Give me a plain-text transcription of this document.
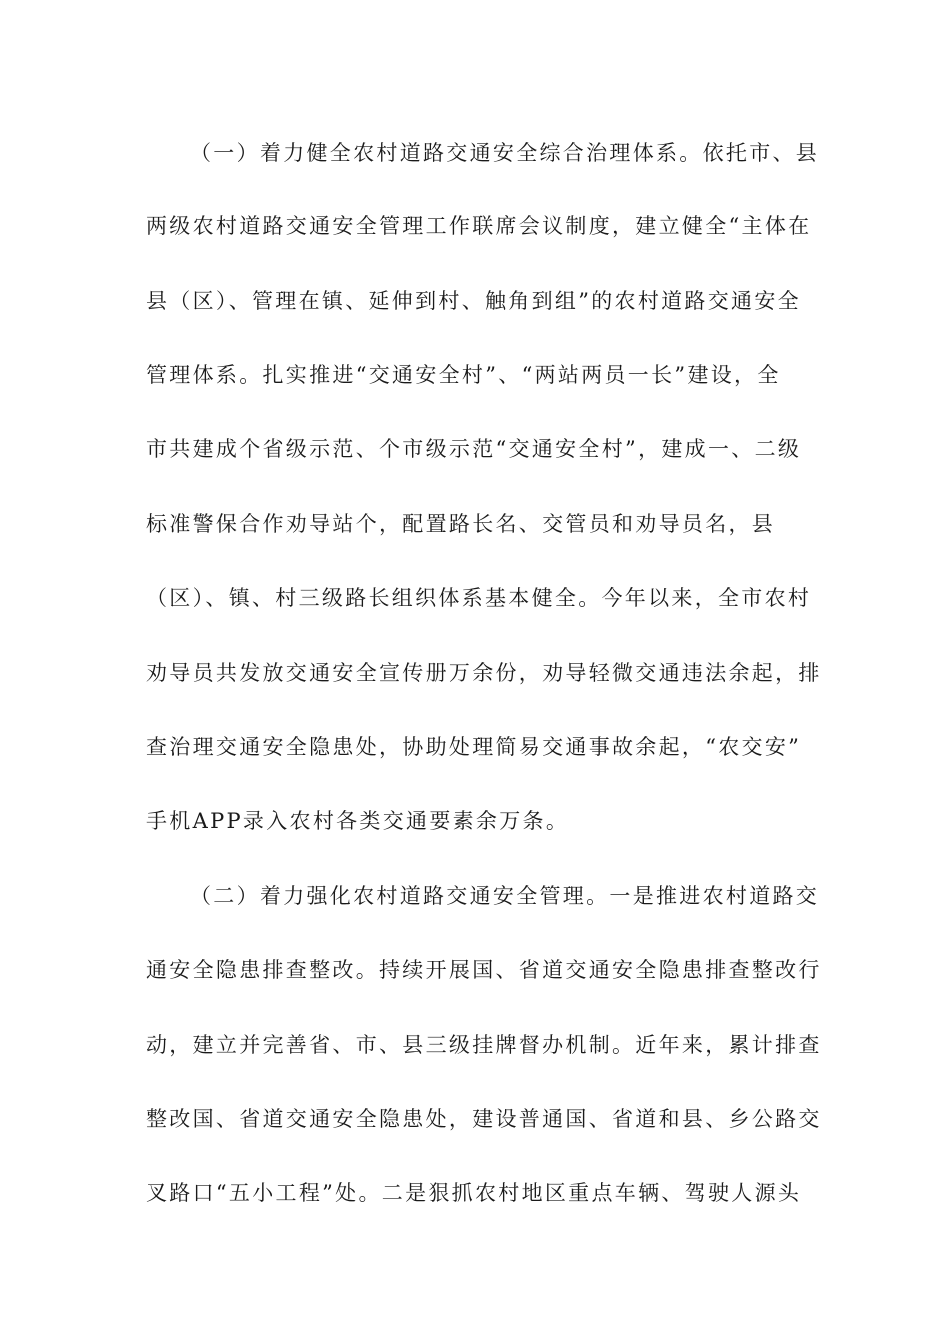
（一）着力健全农村道路交通安全综合治理体系。依托市、县
两级农村道路交通安全管理工作联席会议制度，建立健全“主体在
县（区）、管理在镇、延伸到村、触角到组”的农村道路交通安全
管理体系。扎实推进“交通安全村”、“两站两员一长”建设，全
市共建成个省级示范、个市级示范“交通安全村”，建成一、二级
标准警保合作劝导站个，配置路长名、交管员和劝导员名，县
（区）、镇、村三级路长组织体系基本健全。今年以来，全市农村
劝导员共发放交通安全宣传册万余份，劝导轻微交通违法余起，排
查治理交通安全隐患处，协助处理简易交通事故余起，“农交安”
手机APP录入农村各类交通要素余万条。
（二）着力强化农村道路交通安全管理。一是推进农村道路交
通安全隐患排查整改。持续开展国、省道交通安全隐患排查整改行
动，建立并完善省、市、县三级挂牌督办机制。近年来，累计排查
整改国、省道交通安全隐患处，建设普通国、省道和县、乡公路交
叉路口“五小工程”处。二是狠抓农村地区重点车辆、驾驶人源头
